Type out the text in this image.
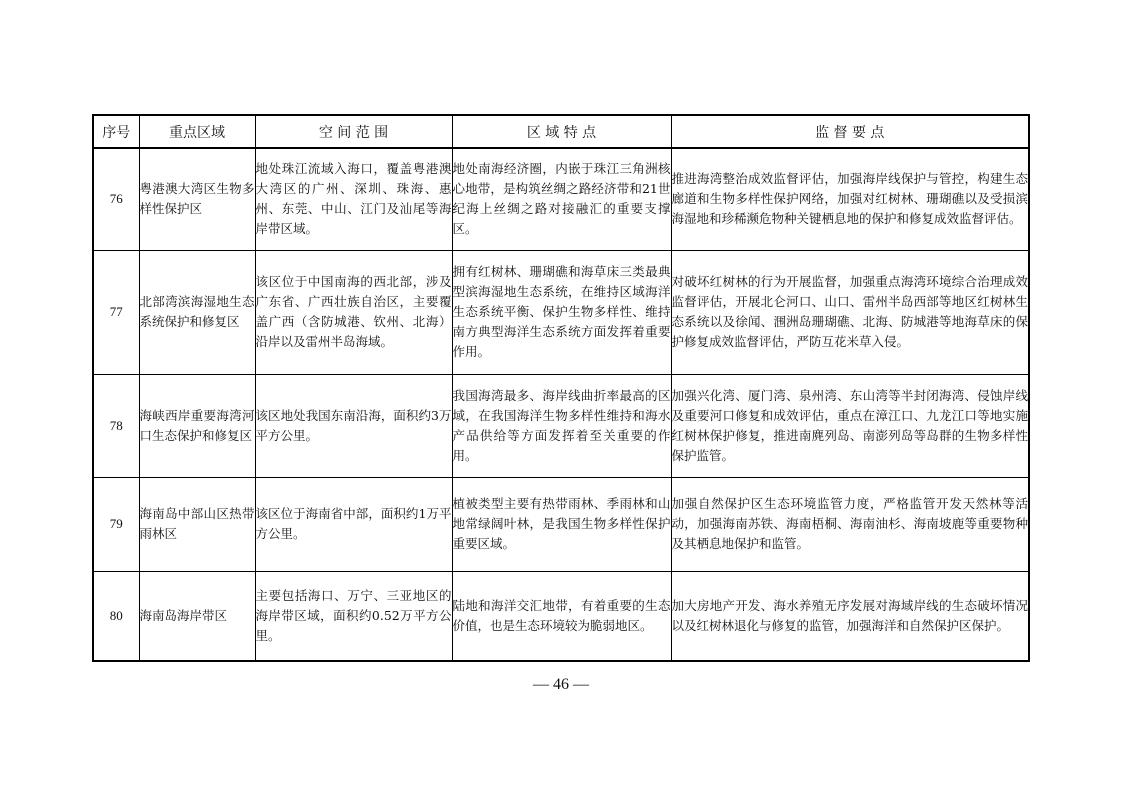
序号	重点区域	空 间 范 围	区 域 特 点	监 督 要 点
76	粤港澳大湾区生物多样性保护区	地处珠江流域入海口，覆盖粤港澳大湾区的广州、深圳、珠海、惠州、东莞、中山、江门及汕尾等海岸带区域。	地处南海经济圈，内嵌于珠江三角洲核心地带，是构筑丝绸之路经济带和21世纪海上丝绸之路对接融汇的重要支撑区。	推进海湾整治成效监督评估，加强海岸线保护与管控，构建生态廊道和生物多样性保护网络，加强对红树林、珊瑚礁以及受损滨海湿地和珍稀濒危物种关键栖息地的保护和修复成效监督评估。
77	北部湾滨海湿地生态系统保护和修复区	该区位于中国南海的西北部，涉及广东省、广西壮族自治区，主要覆盖广西（含防城港、钦州、北海）沿岸以及雷州半岛海域。	拥有红树林、珊瑚礁和海草床三类最典型滨海湿地生态系统，在维持区域海洋生态系统平衡、保护生物多样性、维持南方典型海洋生态系统方面发挥着重要作用。	对破坏红树林的行为开展监督，加强重点海湾环境综合治理成效监督评估，开展北仑河口、山口、雷州半岛西部等地区红树林生态系统以及徐闻、涠洲岛珊瑚礁、北海、防城港等地海草床的保护修复成效监督评估，严防互花米草入侵。
78	海峡西岸重要海湾河口生态保护和修复区	该区地处我国东南沿海，面积约3万平方公里。	我国海湾最多、海岸线曲折率最高的区域，在我国海洋生物多样性维持和海水产品供给等方面发挥着至关重要的作用。	加强兴化湾、厦门湾、泉州湾、东山湾等半封闭海湾、侵蚀岸线及重要河口修复和成效评估，重点在漳江口、九龙江口等地实施红树林保护修复，推进南麂列岛、南澎列岛等岛群的生物多样性保护监管。
79	海南岛中部山区热带雨林区	该区位于海南省中部，面积约1万平方公里。	植被类型主要有热带雨林、季雨林和山地常绿阔叶林，是我国生物多样性保护重要区域。	加强自然保护区生态环境监管力度，严格监管开发天然林等活动，加强海南苏铁、海南梧桐、海南油杉、海南坡鹿等重要物种及其栖息地保护和监管。
80	海南岛海岸带区	主要包括海口、万宁、三亚地区的海岸带区域，面积约0.52万平方公里。	陆地和海洋交汇地带，有着重要的生态价值，也是生态环境较为脆弱地区。	加大房地产开发、海水养殖无序发展对海域岸线的生态破坏情况以及红树林退化与修复的监管，加强海洋和自然保护区保护。
— 46 —
